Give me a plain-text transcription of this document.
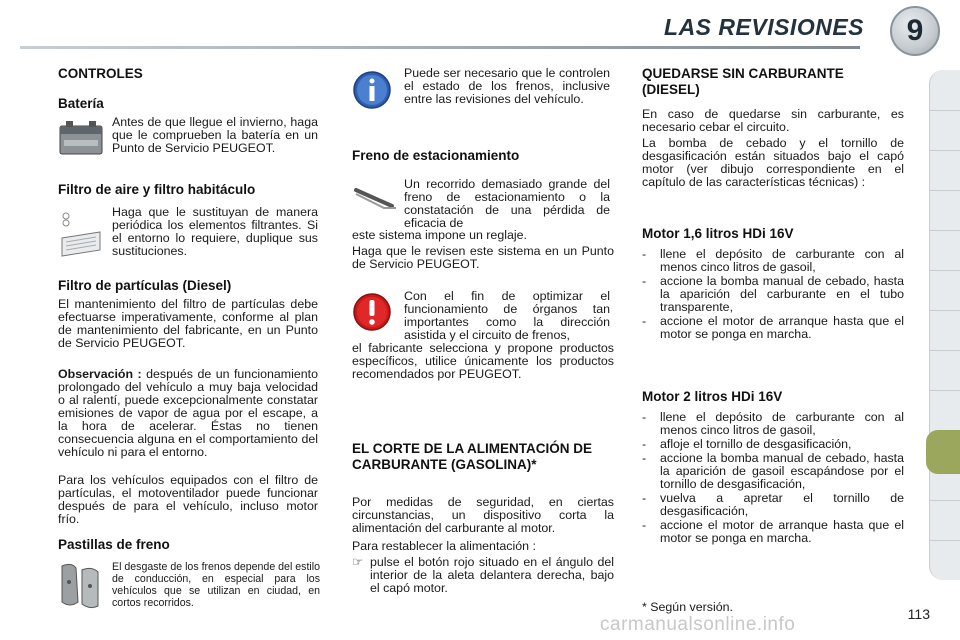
LAS REVISIONES	9
CONTROLES
Batería
Antes de que llegue el invierno, haga que le comprueben la batería en un Punto de Servicio PEUGEOT.
Filtro de aire y filtro habitáculo
Haga que le sustituyan de manera periódica los elementos filtrantes. Si el entorno lo requiere, duplique sus sustituciones.
Filtro de partículas (Diesel)
El mantenimiento del filtro de partículas debe efectuarse imperativamente, conforme al plan de mantenimiento del fabricante, en un Punto de Servicio PEUGEOT.
Observación : después de un funcionamiento prolongado del vehículo a muy baja velocidad o al ralentí, puede excepcionalmente constatar emisiones de vapor de agua por el escape, a la hora de acelerar. Éstas no tienen consecuencia alguna en el comportamiento del vehículo ni para el entorno.
Para los vehículos equipados con el filtro de partículas, el motoventilador puede funcionar después de para el vehículo, incluso motor frío.
Pastillas de freno
El desgaste de los frenos depende del estilo de conducción, en especial para los vehículos que se utilizan en ciudad, en cortos recorridos.
Puede ser necesario que le controlen el estado de los frenos, inclusive entre las revisiones del vehículo.
Freno de estacionamiento
Un recorrido demasiado grande del freno de estacionamiento o la constatación de una pérdida de eficacia de
este sistema impone un reglaje.
Haga que le revisen este sistema en un Punto de Servicio PEUGEOT.
Con el fin de optimizar el funcionamiento de órganos tan importantes como la dirección asistida y el circuito de frenos,
el fabricante selecciona y propone productos específicos, utilice únicamente los productos recomendados por PEUGEOT.
EL CORTE DE LA ALIMENTACIÓN DE CARBURANTE (GASOLINA)*
Por medidas de seguridad, en ciertas circunstancias, un dispositivo corta la alimentación del carburante al motor.
Para restablecer la alimentación :
☞ pulse el botón rojo situado en el ángulo del interior de la aleta delantera derecha, bajo el capó motor.
QUEDARSE SIN CARBURANTE (DIESEL)
En caso de quedarse sin carburante, es necesario cebar el circuito.
La bomba de cebado y el tornillo de desgasificación están situados bajo el capó motor (ver dibujo correspondiente en el capítulo de las características técnicas) :
Motor 1,6 litros HDi 16V
- llene el depósito de carburante con al menos cinco litros de gasoil,
- accione la bomba manual de cebado, hasta la aparición del carburante en el tubo transparente,
- accione el motor de arranque hasta que el motor se ponga en marcha.
Motor 2 litros HDi 16V
- llene el depósito de carburante con al menos cinco litros de gasoil,
- afloje el tornillo de desgasificación,
- accione la bomba manual de cebado, hasta la aparición de gasoil escapándose por el tornillo de desgasificación,
- vuelva a apretar el tornillo de desgasificación,
- accione el motor de arranque hasta que el motor se ponga en marcha.
* Según versión.	113
carmanualsonline.info
